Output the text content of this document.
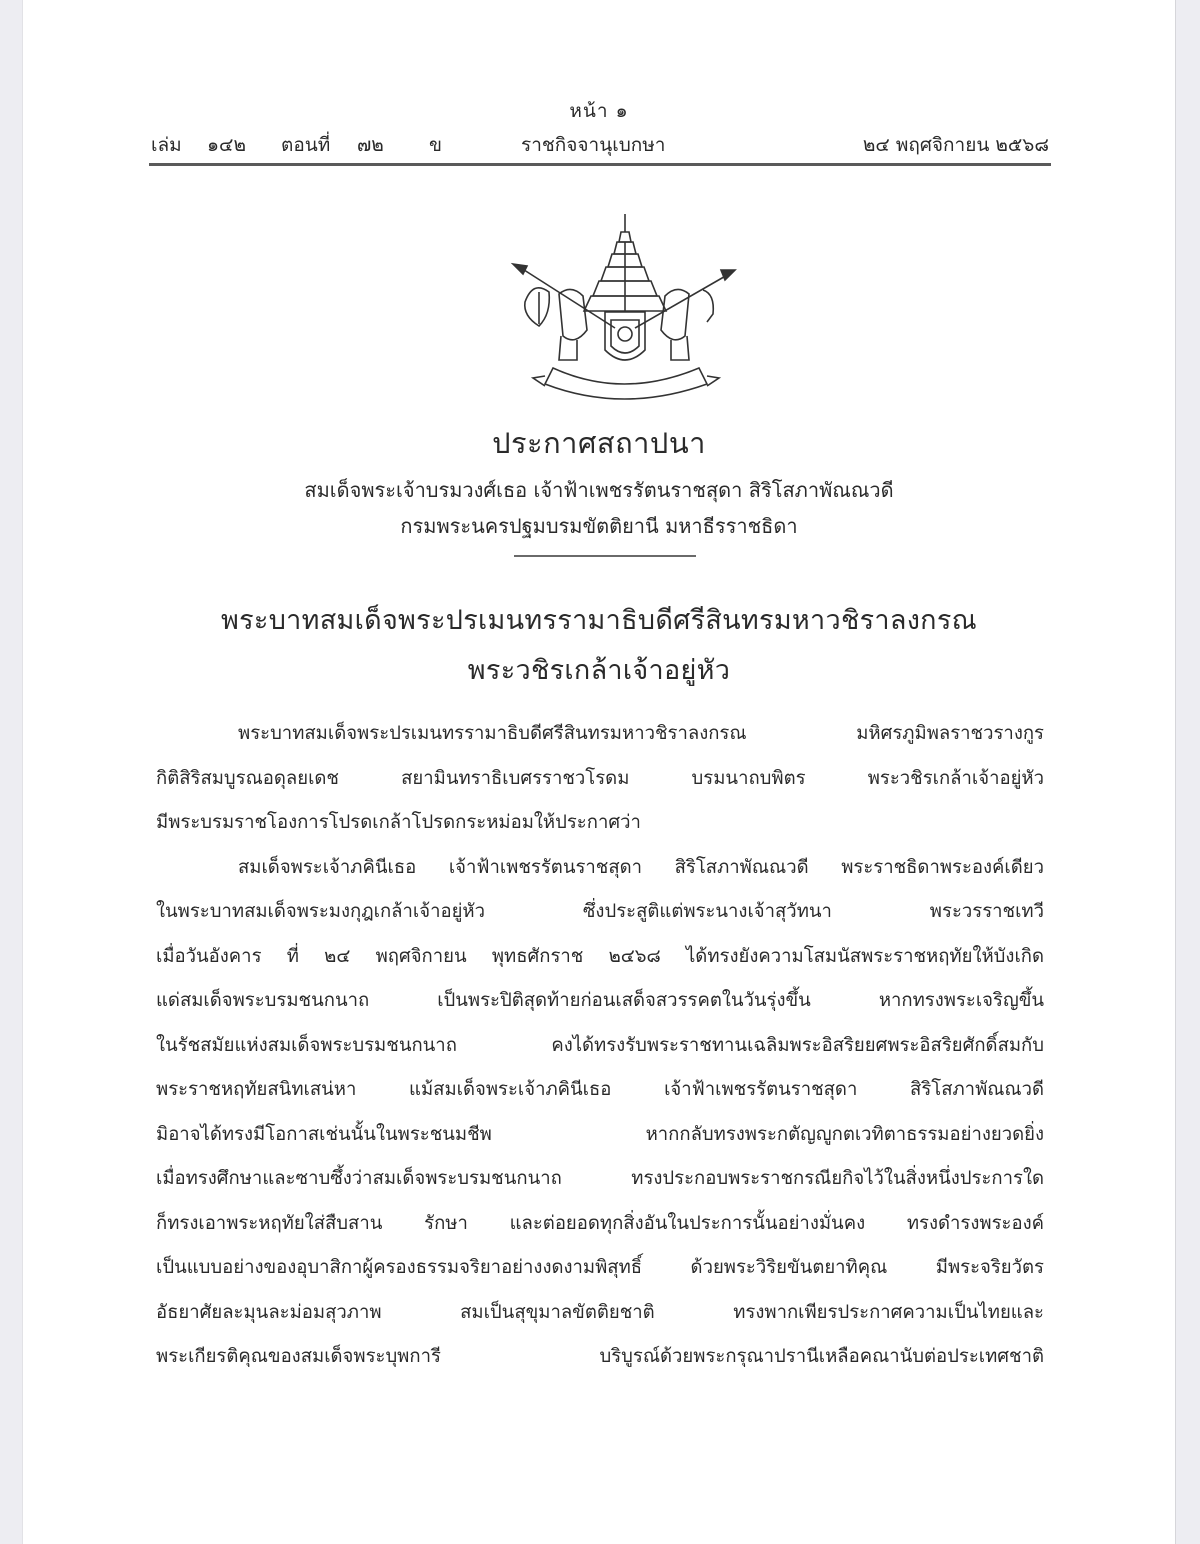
หน้า ๑
เล่ม ๑๔๒ ตอนที่ ๗๒ ข	ราชกิจจานุเบกษา	๒๔ พฤศจิกายน ๒๕๖๘
ประกาศสถาปนา
สมเด็จพระเจ้าบรมวงศ์เธอ เจ้าฟ้าเพชรรัตนราชสุดา สิริโสภาพัณณวดี
กรมพระนครปฐมบรมขัตติยานี มหาธีรราชธิดา
พระบาทสมเด็จพระปรเมนทรรามาธิบดีศรีสินทรมหาวชิราลงกรณ
พระวชิรเกล้าเจ้าอยู่หัว

พระบาทสมเด็จพระปรเมนทรรามาธิบดีศรีสินทรมหาวชิราลงกรณ มหิศรภูมิพลราชวรางกูร
กิติสิริสมบูรณอดุลยเดช สยามินทราธิเบศรราชวโรดม บรมนาถบพิตร พระวชิรเกล้าเจ้าอยู่หัว
มีพระบรมราชโองการโปรดเกล้าโปรดกระหม่อมให้ประกาศว่า

สมเด็จพระเจ้าภคินีเธอ เจ้าฟ้าเพชรรัตนราชสุดา สิริโสภาพัณณวดี พระราชธิดาพระองค์เดียว
ในพระบาทสมเด็จพระมงกุฎเกล้าเจ้าอยู่หัว ซึ่งประสูติแต่พระนางเจ้าสุวัทนา พระวรราชเทวี
เมื่อวันอังคาร ที่ ๒๔ พฤศจิกายน พุทธศักราช ๒๔๖๘ ได้ทรงยังความโสมนัสพระราชหฤทัยให้บังเกิด
แด่สมเด็จพระบรมชนกนาถ เป็นพระปิติสุดท้ายก่อนเสด็จสวรรคตในวันรุ่งขึ้น หากทรงพระเจริญขึ้น
ในรัชสมัยแห่งสมเด็จพระบรมชนกนาถ คงได้ทรงรับพระราชทานเฉลิมพระอิสริยยศพระอิสริยศักดิ์สมกับ
พระราชหฤทัยสนิทเสน่หา แม้สมเด็จพระเจ้าภคินีเธอ เจ้าฟ้าเพชรรัตนราชสุดา สิริโสภาพัณณวดี
มิอาจได้ทรงมีโอกาสเช่นนั้นในพระชนมชีพ หากกลับทรงพระกตัญญูกตเวทิตาธรรมอย่างยวดยิ่ง
เมื่อทรงศึกษาและซาบซึ้งว่าสมเด็จพระบรมชนกนาถ ทรงประกอบพระราชกรณียกิจไว้ในสิ่งหนึ่งประการใด
ก็ทรงเอาพระหฤทัยใส่สืบสาน รักษา และต่อยอดทุกสิ่งอันในประการนั้นอย่างมั่นคง ทรงดำรงพระองค์
เป็นแบบอย่างของอุบาสิกาผู้ครองธรรมจริยาอย่างงดงามพิสุทธิ์ ด้วยพระวิริยขันตยาทิคุณ มีพระจริยวัตร
อัธยาศัยละมุนละม่อมสุวภาพ สมเป็นสุขุมาลขัตติยชาติ ทรงพากเพียรประกาศความเป็นไทยและ
พระเกียรติคุณของสมเด็จพระบุพการี บริบูรณ์ด้วยพระกรุณาปรานีเหลือคณานับต่อประเทศชาติ
